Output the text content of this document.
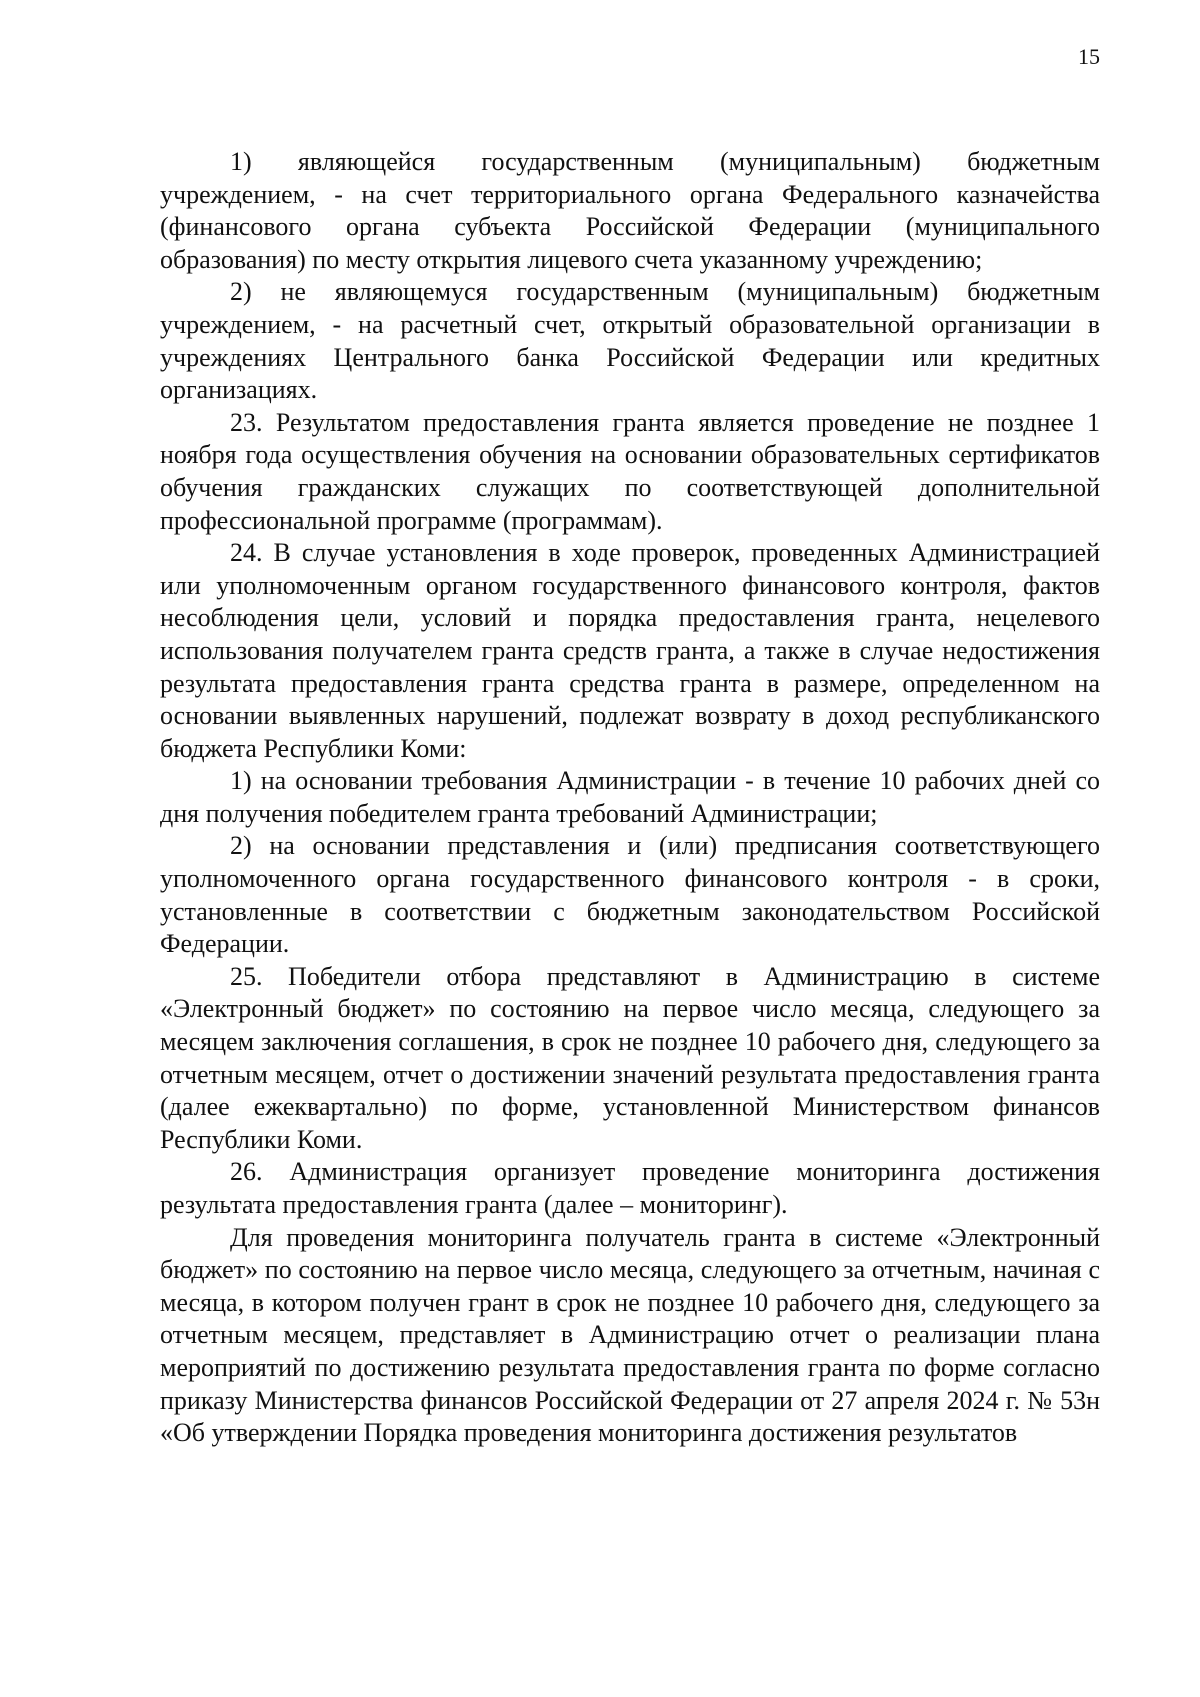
15

1) являющейся государственным (муниципальным) бюджетным учреждением, - на счет территориального органа Федерального казначейства (финансового органа субъекта Российской Федерации (муниципального образования) по месту открытия лицевого счета указанному учреждению;

2) не являющемуся государственным (муниципальным) бюджетным учреждением, - на расчетный счет, открытый образовательной организации в учреждениях Центрального банка Российской Федерации или кредитных организациях.

23. Результатом предоставления гранта является проведение не позднее 1 ноября года осуществления обучения на основании образовательных сертификатов обучения гражданских служащих по соответствующей дополнительной профессиональной программе (программам).

24. В случае установления в ходе проверок, проведенных Администрацией или уполномоченным органом государственного финансового контроля, фактов несоблюдения цели, условий и порядка предоставления гранта, нецелевого использования получателем гранта средств гранта, а также в случае недостижения результата предоставления гранта средства гранта в размере, определенном на основании выявленных нарушений, подлежат возврату в доход республиканского бюджета Республики Коми:

1) на основании требования Администрации - в течение 10 рабочих дней со дня получения победителем гранта требований Администрации;

2) на основании представления и (или) предписания соответствующего уполномоченного органа государственного финансового контроля - в сроки, установленные в соответствии с бюджетным законодательством Российской Федерации.

25. Победители отбора представляют в Администрацию в системе «Электронный бюджет» по состоянию на первое число месяца, следующего за месяцем заключения соглашения, в срок не позднее 10 рабочего дня, следующего за отчетным месяцем, отчет о достижении значений результата предоставления гранта (далее ежеквартально) по форме, установленной Министерством финансов Республики Коми.

26. Администрация организует проведение мониторинга достижения результата предоставления гранта (далее – мониторинг).

Для проведения мониторинга получатель гранта в системе «Электронный бюджет» по состоянию на первое число месяца, следующего за отчетным, начиная с месяца, в котором получен грант в срок не позднее 10 рабочего дня, следующего за отчетным месяцем, представляет в Администрацию отчет о реализации плана мероприятий по достижению результата предоставления гранта по форме согласно приказу Министерства финансов Российской Федерации от 27 апреля 2024 г. № 53н «Об утверждении Порядка проведения мониторинга достижения результатов
